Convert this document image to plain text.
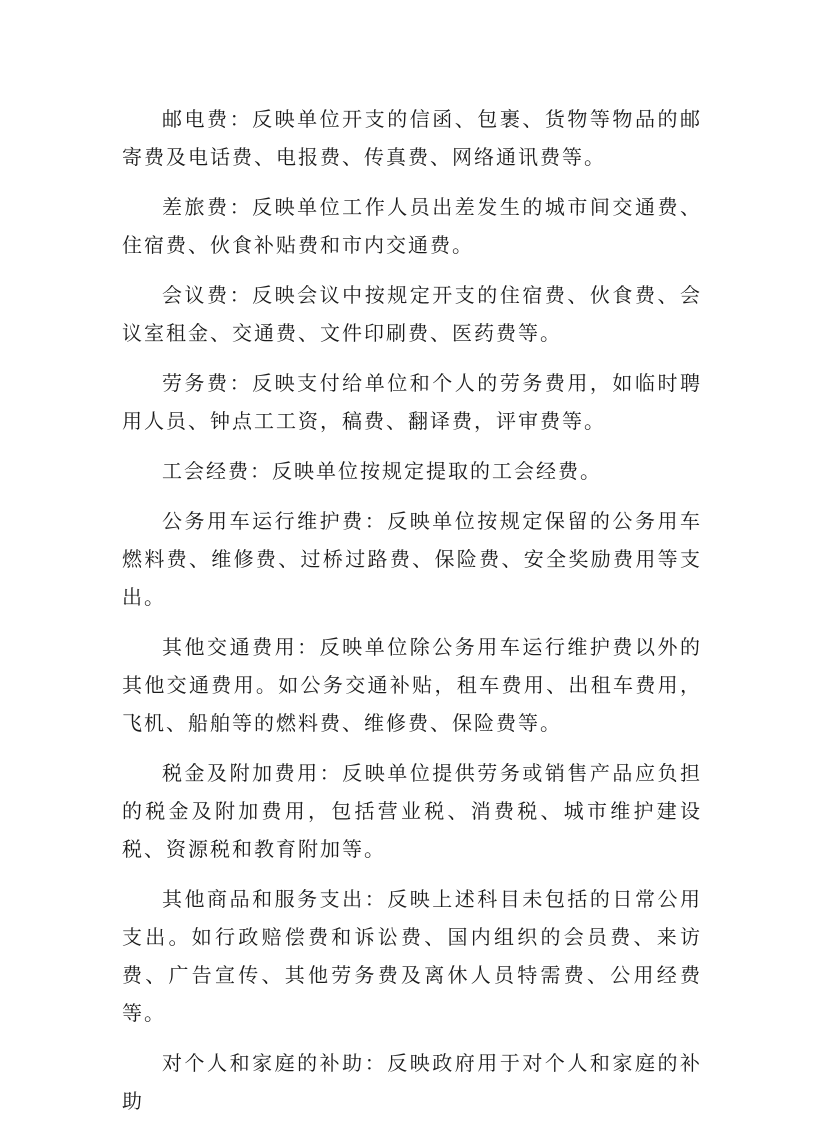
邮电费：反映单位开支的信函、包裹、货物等物品的邮寄费及电话费、电报费、传真费、网络通讯费等。

差旅费：反映单位工作人员出差发生的城市间交通费、住宿费、伙食补贴费和市内交通费。

会议费：反映会议中按规定开支的住宿费、伙食费、会议室租金、交通费、文件印刷费、医药费等。

劳务费：反映支付给单位和个人的劳务费用，如临时聘用人员、钟点工工资，稿费、翻译费，评审费等。

工会经费：反映单位按规定提取的工会经费。

公务用车运行维护费：反映单位按规定保留的公务用车燃料费、维修费、过桥过路费、保险费、安全奖励费用等支出。

其他交通费用：反映单位除公务用车运行维护费以外的其他交通费用。如公务交通补贴，租车费用、出租车费用，飞机、船舶等的燃料费、维修费、保险费等。

税金及附加费用：反映单位提供劳务或销售产品应负担的税金及附加费用，包括营业税、消费税、城市维护建设税、资源税和教育附加等。

其他商品和服务支出：反映上述科目未包括的日常公用支出。如行政赔偿费和诉讼费、国内组织的会员费、来访费、广告宣传、其他劳务费及离休人员特需费、公用经费等。

对个人和家庭的补助：反映政府用于对个人和家庭的补助
